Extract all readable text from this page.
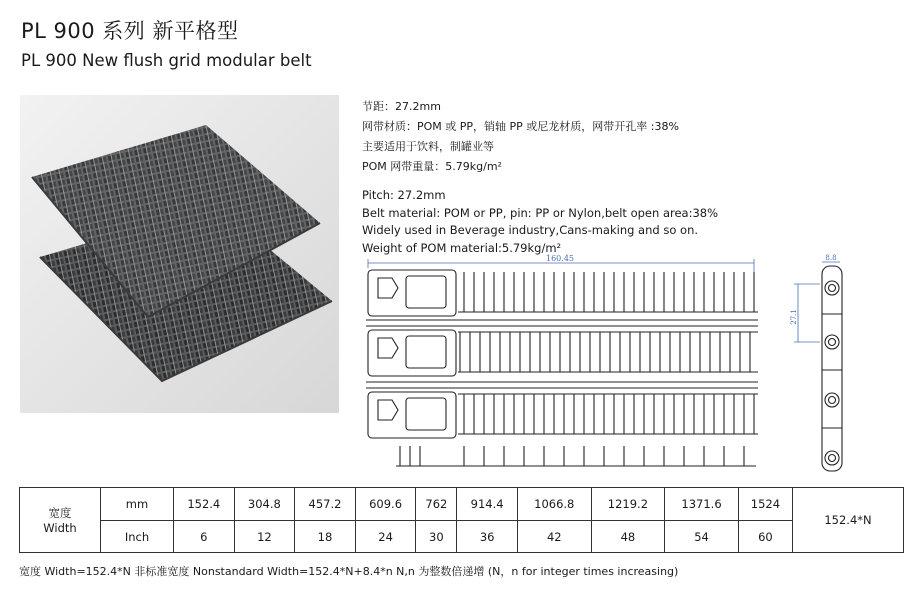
PL 900 系列 新平格型
PL 900 New flush grid modular belt
节距：27.2mm
网带材质：POM 或 PP，销轴 PP 或尼龙材质，网带开孔率 :38%
主要适用于饮料，制罐业等
POM 网带重量：5.79kg/m²
Pitch: 27.2mm
Belt material: POM or PP, pin: PP or Nylon,belt open area:38%
Widely used in Beverage industry,Cans-making and so on.
Weight of POM material:5.79kg/m²
160.45	8.8
27.1
宽度
Width	mm	152.4	304.8	457.2	609.6	762	914.4	1066.8	1219.2	1371.6	1524	152.4*N
	Inch	6	12	18	24	30	36	42	48	54	60	
宽度 Width=152.4*N 非标准宽度 Nonstandard Width=152.4*N+8.4*n N,n 为整数倍递增 (N，n for integer times increasing)
